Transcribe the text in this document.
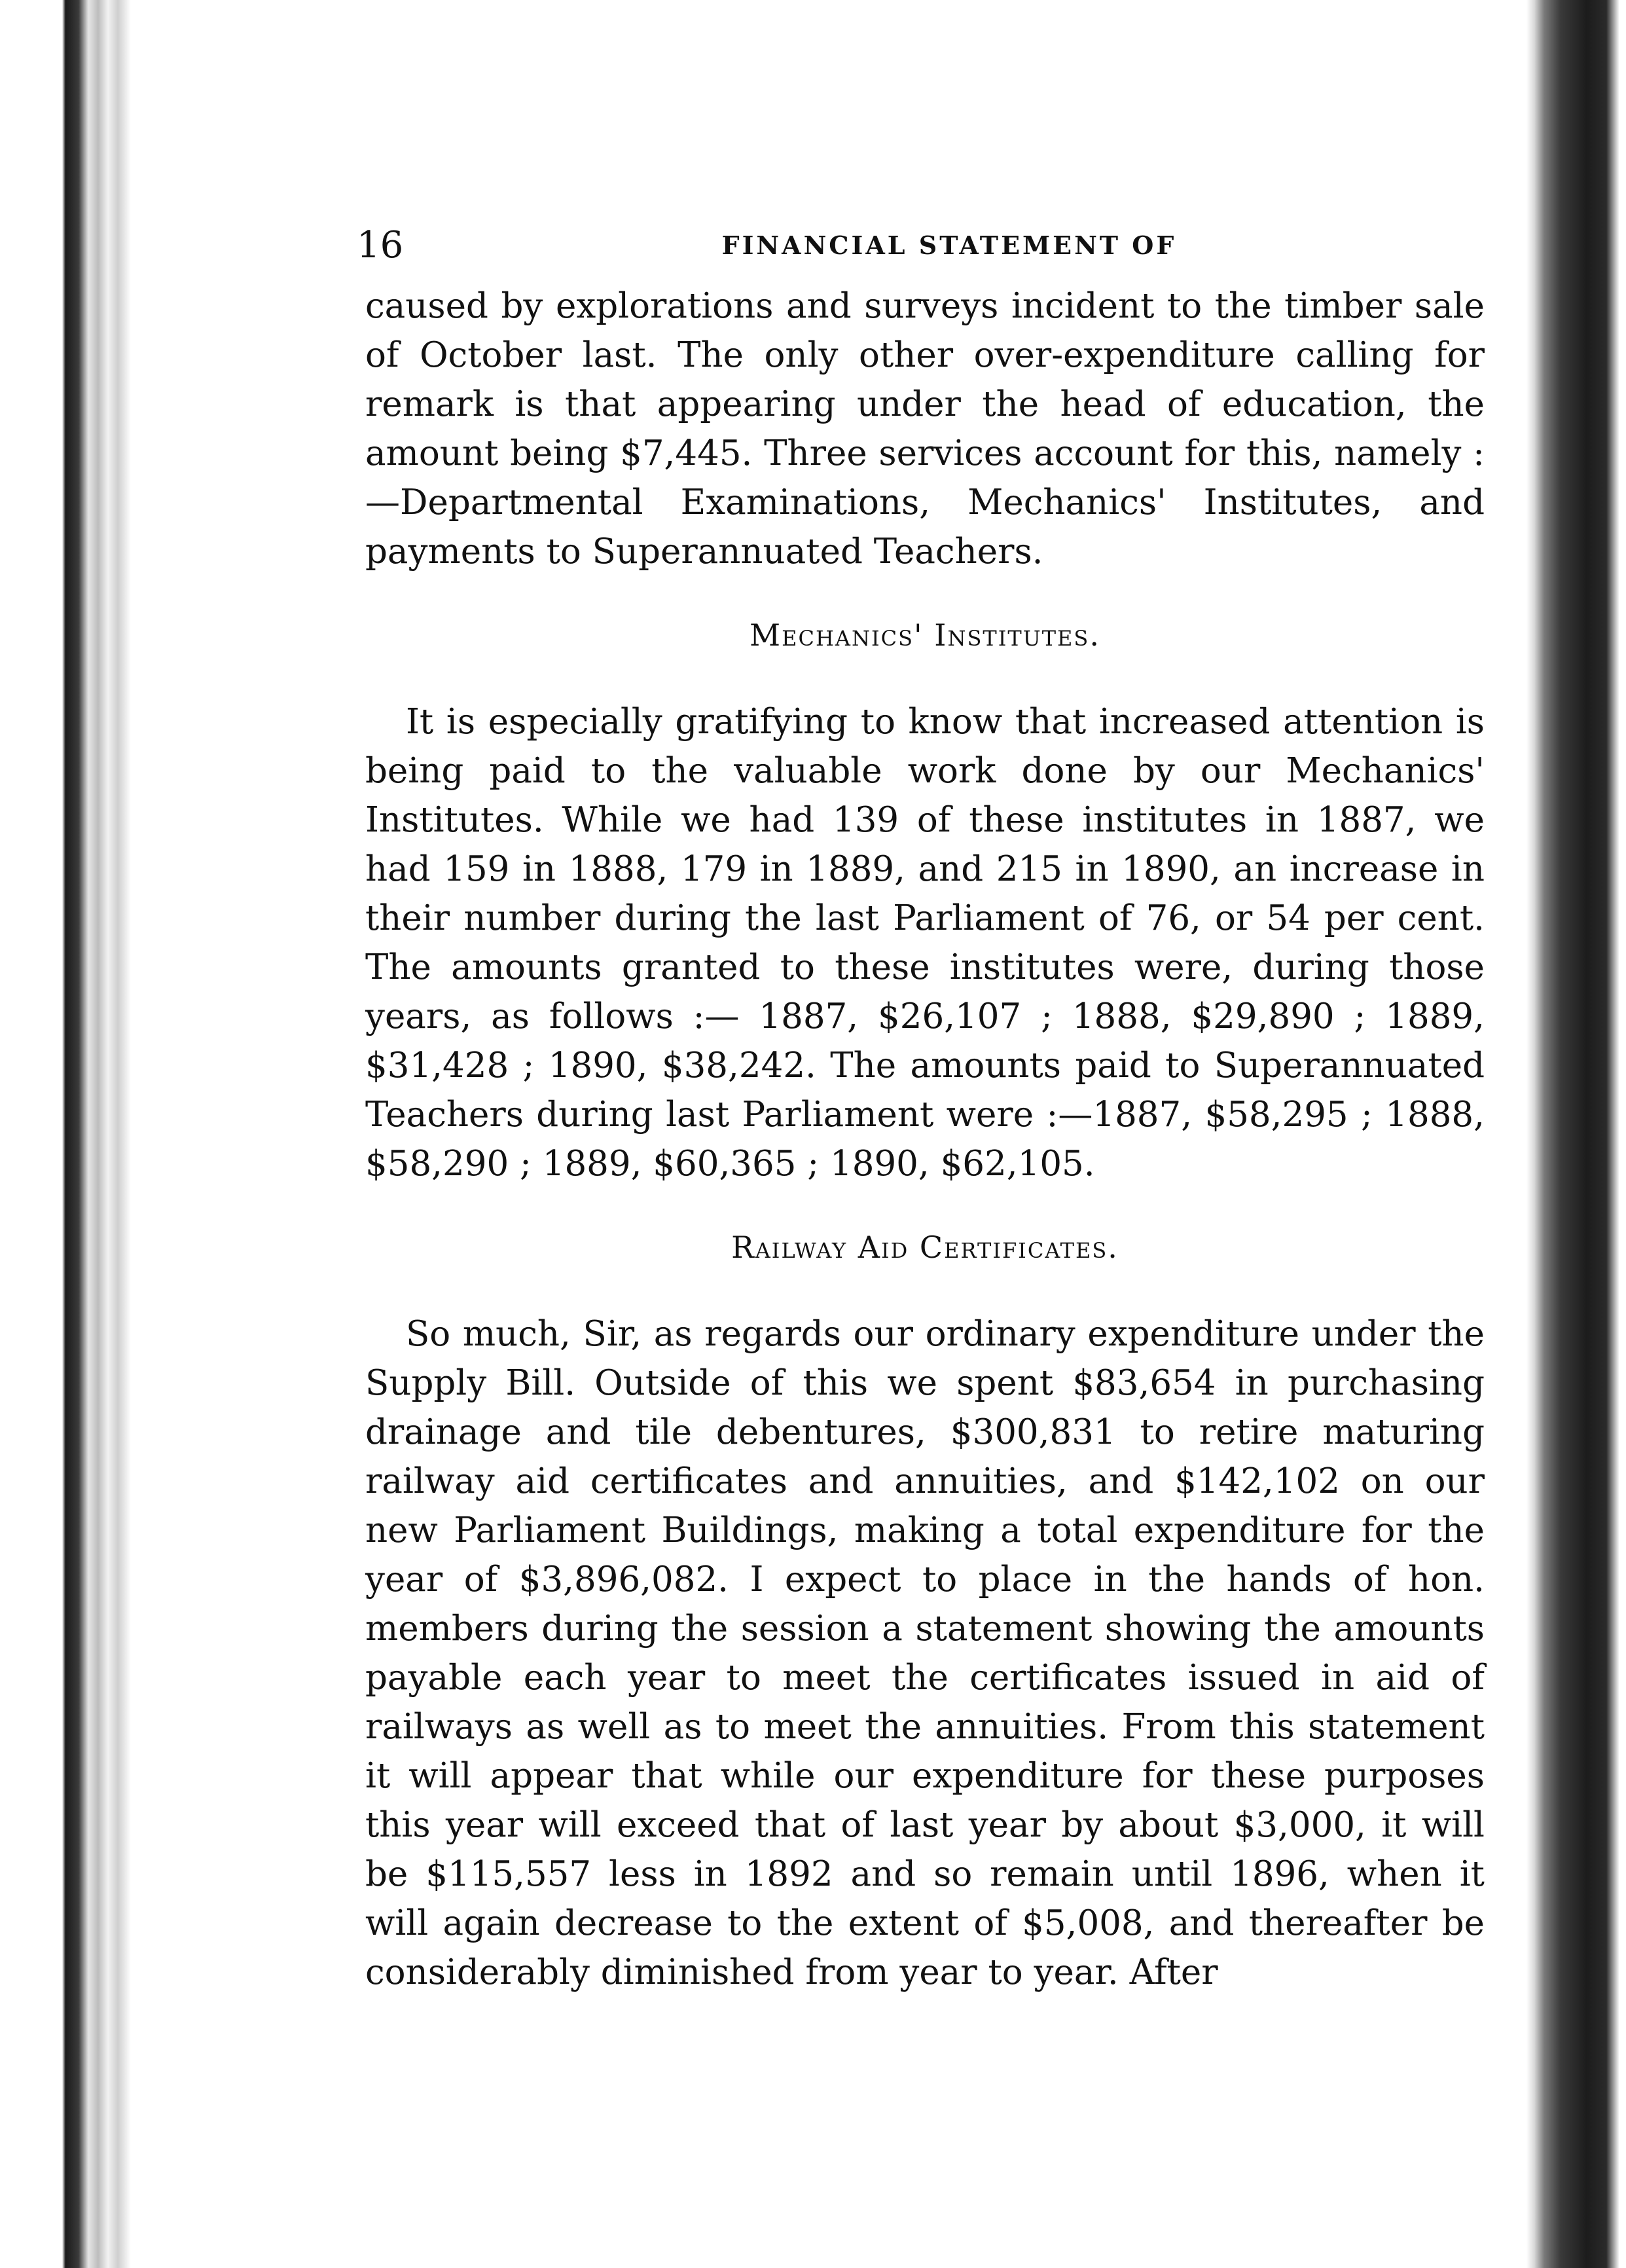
16	FINANCIAL STATEMENT OF

caused by explorations and surveys incident to the timber sale of October last. The only other over-expenditure calling for remark is that appearing under the head of education, the amount being $7,445. Three services account for this, namely :—Departmental Examinations, Mechanics' Institutes, and payments to Superannuated Teachers.

Mechanics' Institutes.

It is especially gratifying to know that increased attention is being paid to the valuable work done by our Mechanics' Institutes. While we had 139 of these institutes in 1887, we had 159 in 1888, 179 in 1889, and 215 in 1890, an increase in their number during the last Parliament of 76, or 54 per cent. The amounts granted to these institutes were, during those years, as follows :— 1887, $26,107 ; 1888, $29,890 ; 1889, $31,428 ; 1890, $38,242. The amounts paid to Superannuated Teachers during last Parliament were :—1887, $58,295 ; 1888, $58,290 ; 1889, $60,365 ; 1890, $62,105.

Railway Aid Certificates.

So much, Sir, as regards our ordinary expenditure under the Supply Bill. Outside of this we spent $83,654 in purchasing drainage and tile debentures, $300,831 to retire maturing railway aid certificates and annuities, and $142,102 on our new Parliament Buildings, making a total expenditure for the year of $3,896,082. I expect to place in the hands of hon. members during the session a statement showing the amounts payable each year to meet the certificates issued in aid of railways as well as to meet the annuities. From this statement it will appear that while our expenditure for these purposes this year will exceed that of last year by about $3,000, it will be $115,557 less in 1892 and so remain until 1896, when it will again decrease to the extent of $5,008, and thereafter be considerably diminished from year to year. After
